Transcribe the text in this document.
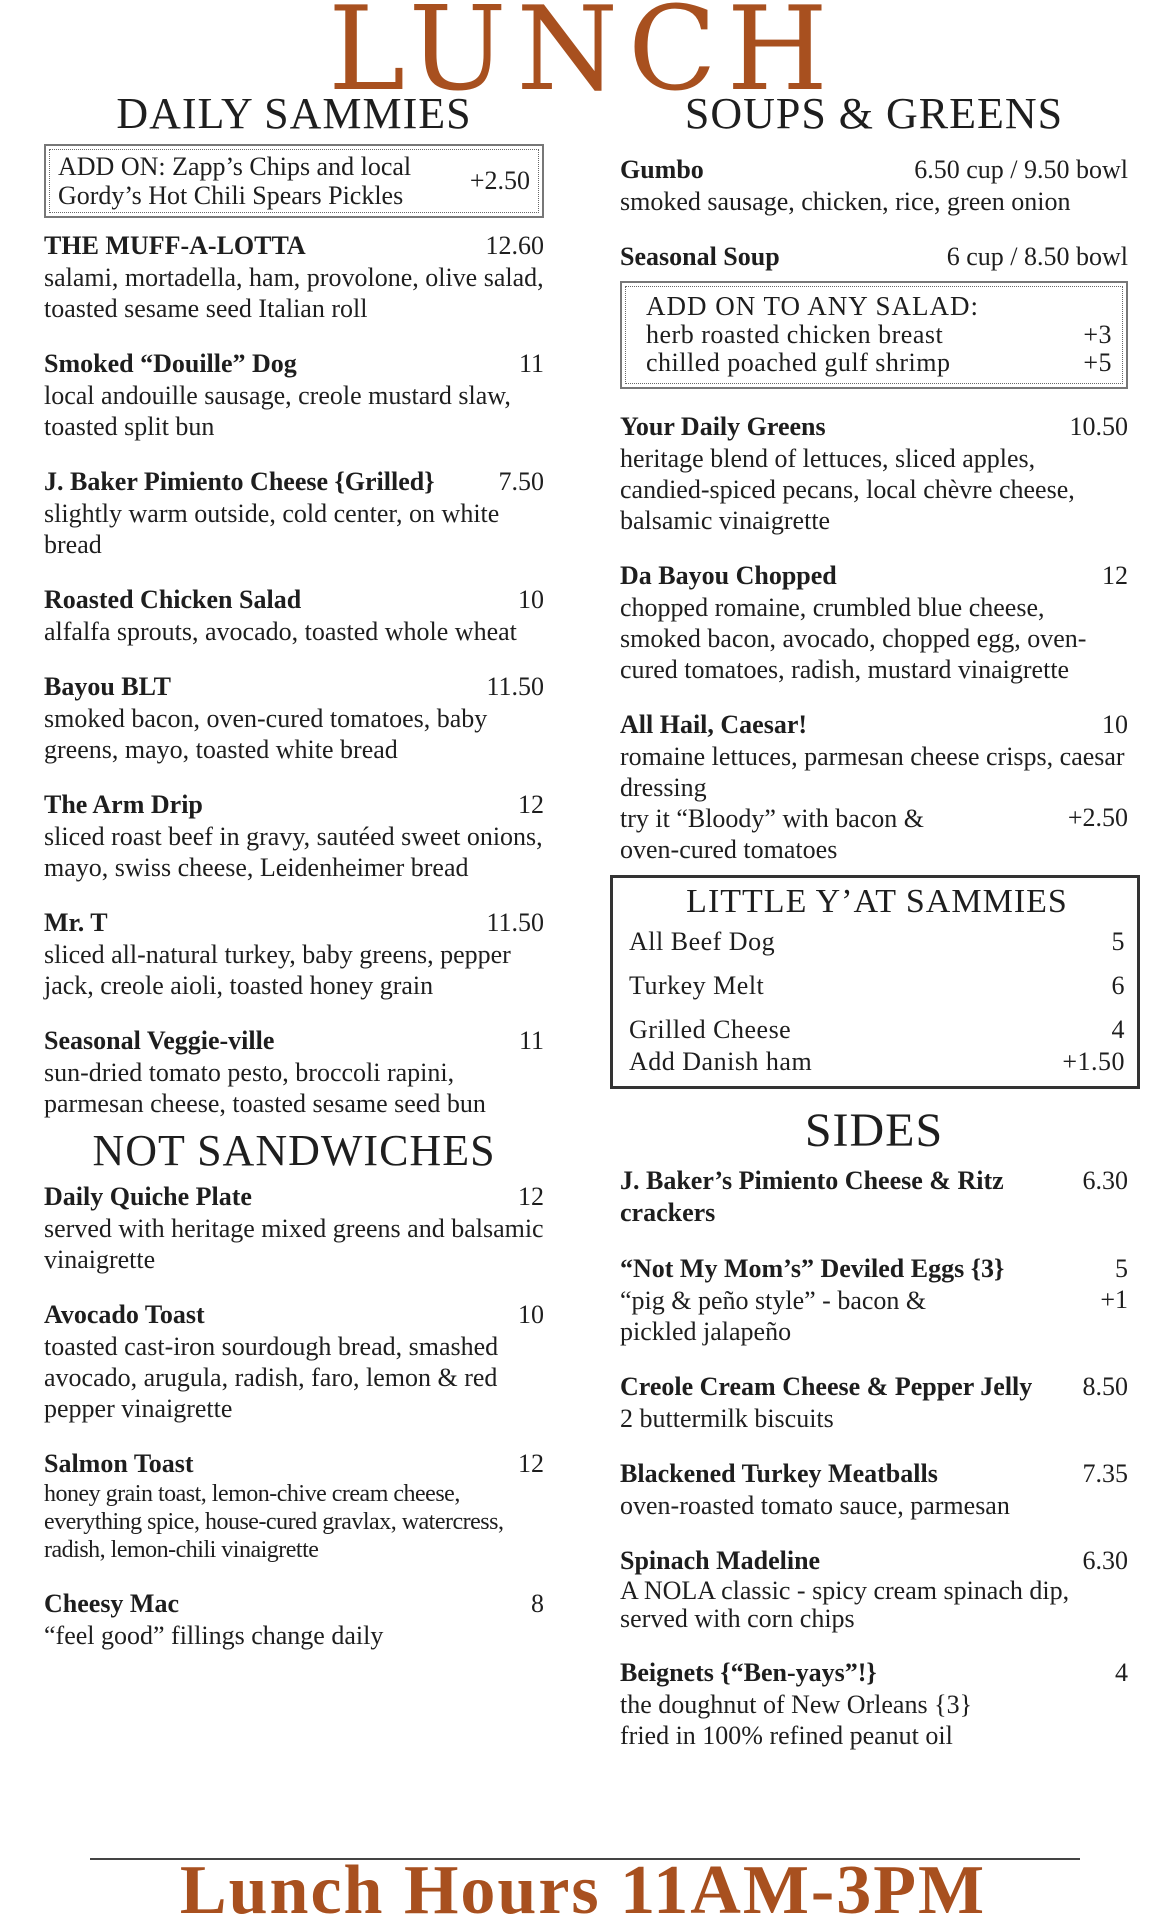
LUNCH
DAILY SAMMIES
ADD ON: Zapp’s Chips and local Gordy’s Hot Chili Spears Pickles
+2.50
THE MUFF-A-LOTTA	12.60
salami, mortadella, ham, provolone, olive salad, toasted sesame seed Italian roll
Smoked “Douille” Dog	11
local andouille sausage, creole mustard slaw, toasted split bun
J. Baker Pimiento Cheese {Grilled} 7.50
slightly warm outside, cold center, on white bread
Roasted Chicken Salad	10
alfalfa sprouts, avocado, toasted whole wheat
Bayou BLT	11.50
smoked bacon, oven-cured tomatoes, baby greens, mayo, toasted white bread
The Arm Drip	12
sliced roast beef in gravy, sautéed sweet onions, mayo, swiss cheese, Leidenheimer bread
Mr. T	11.50
sliced all-natural turkey, baby greens, pepper jack, creole aioli, toasted honey grain
Seasonal Veggie-ville	11
sun-dried tomato pesto, broccoli rapini, parmesan cheese, toasted sesame seed bun
NOT SANDWICHES
Daily Quiche Plate	12
served with heritage mixed greens and balsamic vinaigrette
Avocado Toast	10
toasted cast-iron sourdough bread, smashed avocado, arugula, radish, faro, lemon & red pepper vinaigrette
Salmon Toast	12
honey grain toast, lemon-chive cream cheese, everything spice, house-cured gravlax, watercress, radish, lemon-chili vinaigrette
Cheesy Mac	8
“feel good” fillings change daily
SOUPS & GREENS
Gumbo	6.50 cup / 9.50 bowl
smoked sausage, chicken, rice, green onion
Seasonal Soup	6 cup / 8.50 bowl
ADD ON TO ANY SALAD:
herb roasted chicken breast	+3
chilled poached gulf shrimp	+5
Your Daily Greens	10.50
heritage blend of lettuces, sliced apples, candied-spiced pecans, local chèvre cheese, balsamic vinaigrette
Da Bayou Chopped	12
chopped romaine, crumbled blue cheese, smoked bacon, avocado, chopped egg, oven-cured tomatoes, radish, mustard vinaigrette
All Hail, Caesar!	10
romaine lettuces, parmesan cheese crisps, caesar dressing
try it “Bloody” with bacon & oven-cured tomatoes
+2.50
LITTLE Y’AT SAMMIES
All Beef Dog	5
Turkey Melt	6
Grilled Cheese	4
Add Danish ham	+1.50
SIDES
J. Baker’s Pimiento Cheese & Ritz crackers
6.30
“Not My Mom’s” Deviled Eggs {3}	5
“pig & peño style” - bacon & pickled jalapeño
+1
Creole Cream Cheese & Pepper Jelly 8.50
2 buttermilk biscuits
Blackened Turkey Meatballs	7.35
oven-roasted tomato sauce, parmesan
Spinach Madeline	6.30
A NOLA classic - spicy cream spinach dip, served with corn chips
Beignets {“Ben-yays”!}	4
the doughnut of New Orleans {3} fried in 100% refined peanut oil
Lunch Hours 11AM-3PM
